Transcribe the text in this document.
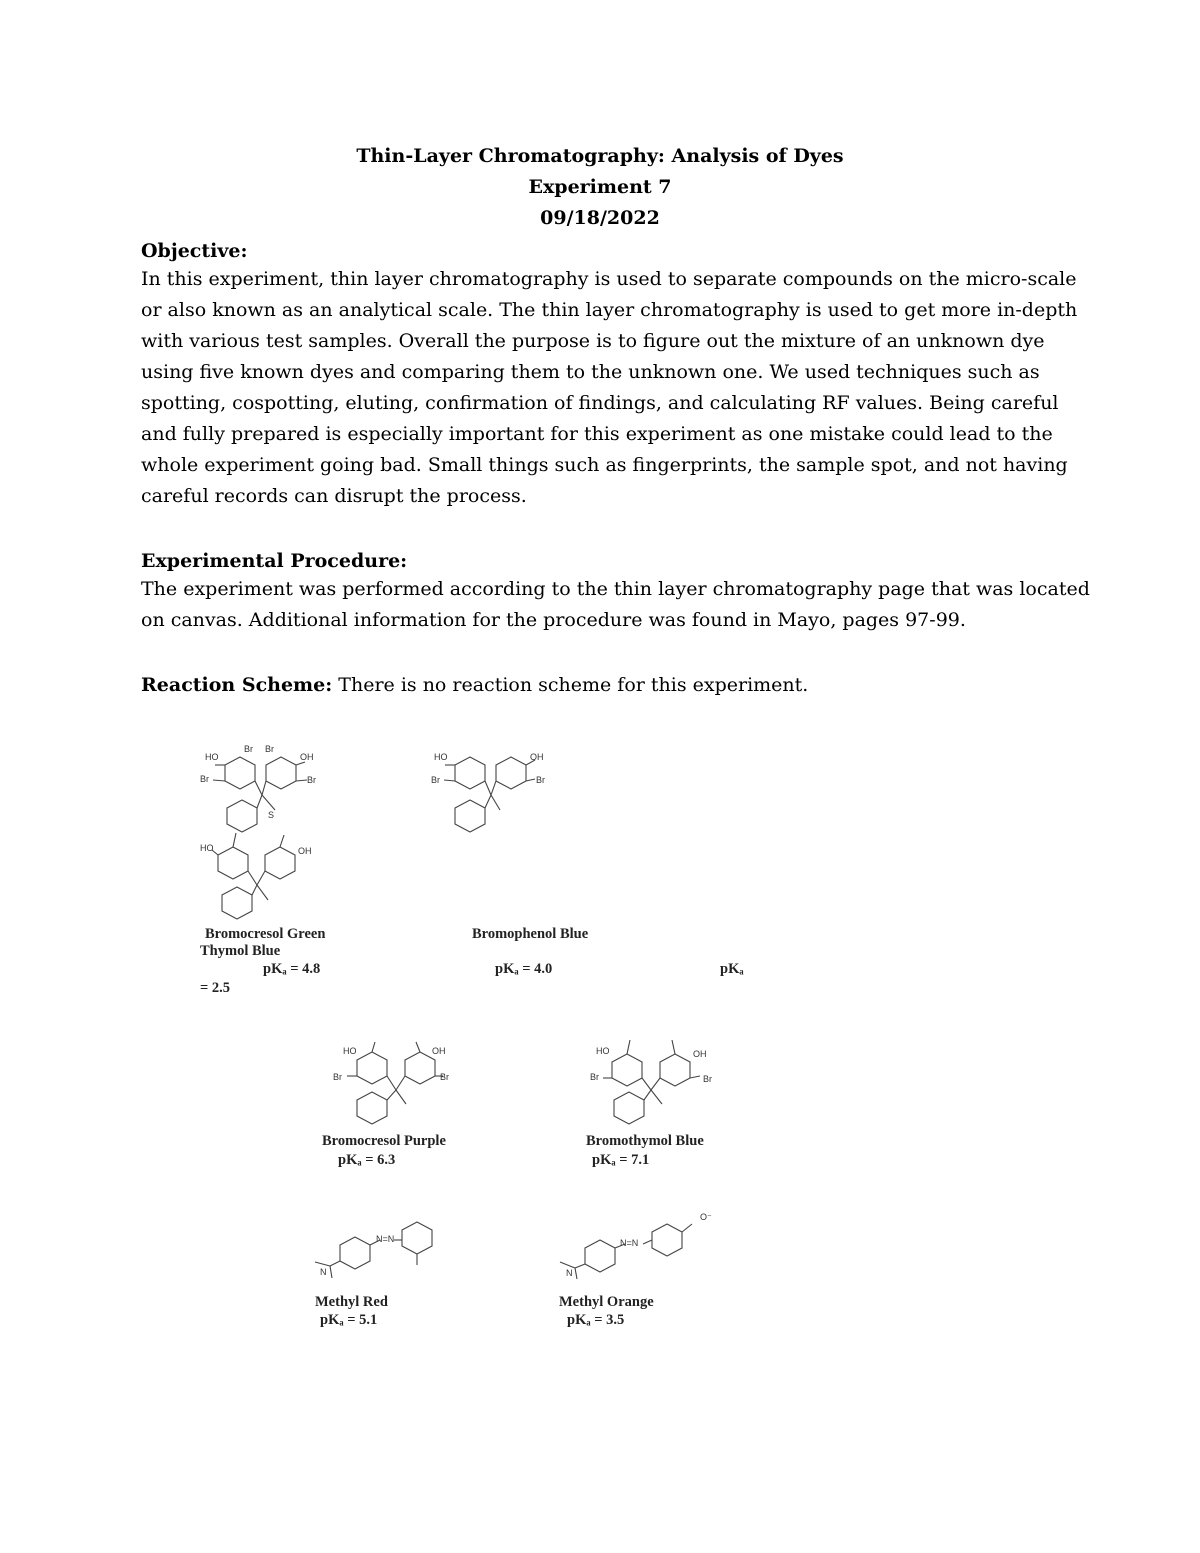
Thin-Layer Chromatography: Analysis of Dyes
Experiment 7
09/18/2022
Objective:
In this experiment, thin layer chromatography is used to separate compounds on the micro-scale
or also known as an analytical scale. The thin layer chromatography is used to get more in-depth
with various test samples. Overall the purpose is to figure out the mixture of an unknown dye
using five known dyes and comparing them to the unknown one. We used techniques such as
spotting, cospotting, eluting, confirmation of findings, and calculating RF values. Being careful
and fully prepared is especially important for this experiment as one mistake could lead to the
whole experiment going bad. Small things such as fingerprints, the sample spot, and not having
careful records can disrupt the process.
Experimental Procedure:
The experiment was performed according to the thin layer chromatography page that was located
on canvas. Additional information for the procedure was found in Mayo, pages 97-99.
Reaction Scheme: There is no reaction scheme for this experiment.
HO
Br Br
OH
Br	Br
S
HO	OH
Br	Br
HO	OH
HO	OH
Br	Br
HO	OH
Br	Br
N=N
N
N=N
N
O⁻
Bromocresol Green	Bromophenol Blue
Thymol Blue
pKₐ = 4.8	pKₐ = 4.0	pKₐ
= 2.5
Bromocresol Purple
pKₐ = 6.3
Bromothymol Blue
pKₐ = 7.1
Methyl Red
pKₐ = 5.1
Methyl Orange
pKₐ = 3.5
